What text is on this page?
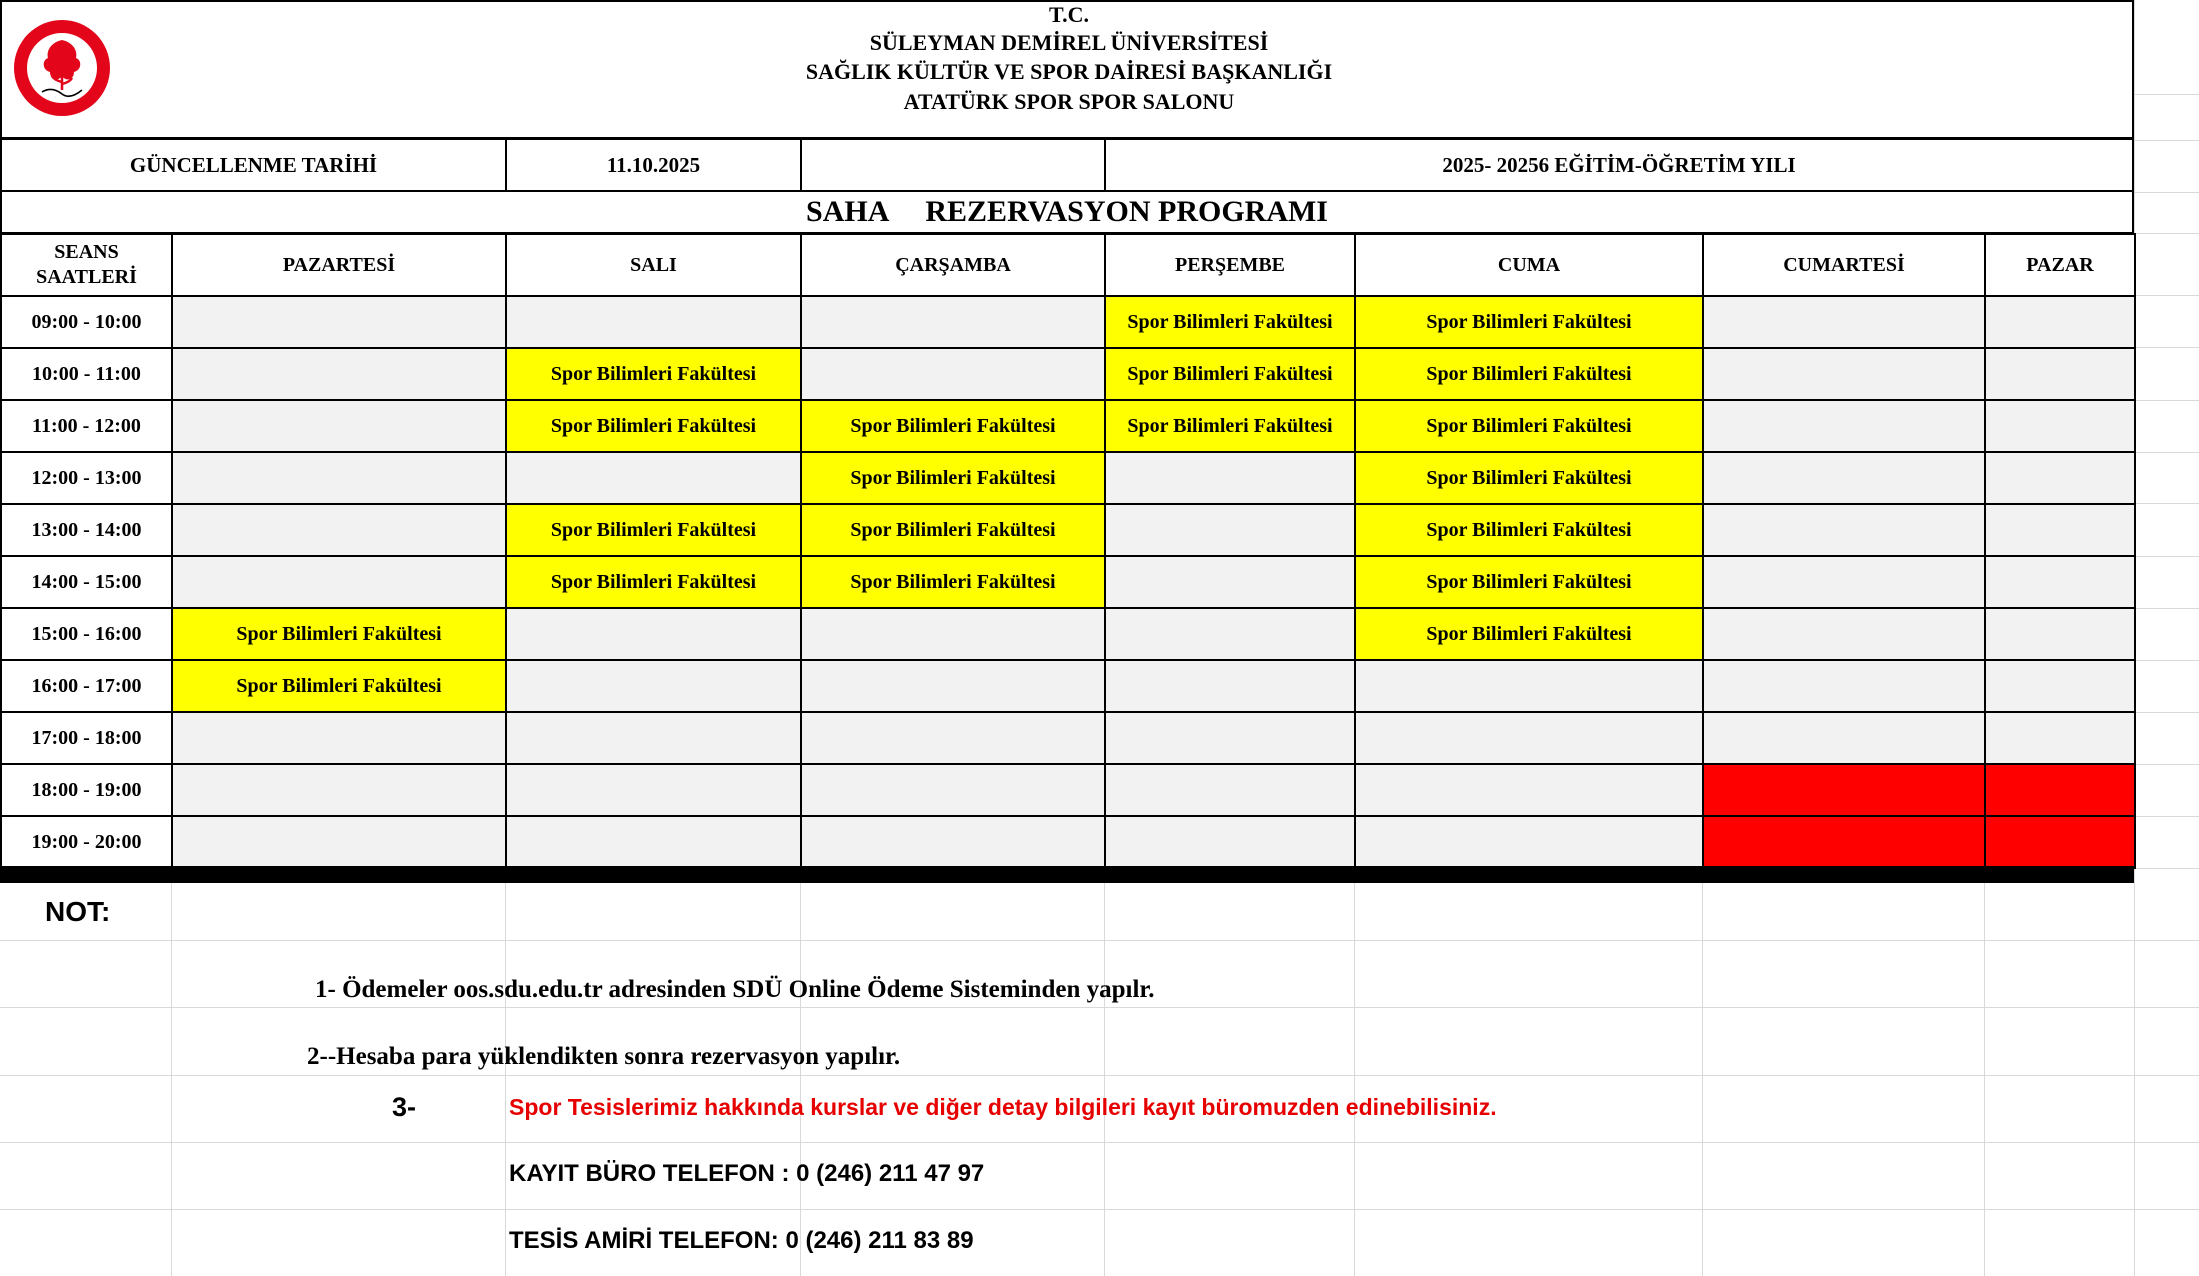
T.C.
SÜLEYMAN DEMİREL ÜNİVERSİTESİ
SAĞLIK KÜLTÜR VE SPOR DAİRESİ BAŞKANLIĞI
ATATÜRK SPOR SPOR SALONU
GÜNCELLENME TARİHİ	11.10.2025	2025- 20256 EĞİTİM-ÖĞRETİM YILI
SAHA REZERVASYON PROGRAMI
SEANS SAATLERİ	PAZARTESİ	SALI	ÇARŞAMBA	PERŞEMBE	CUMA	CUMARTESİ	PAZAR
09:00 - 10:00				Spor Bilimleri Fakültesi	Spor Bilimleri Fakültesi		
10:00 - 11:00		Spor Bilimleri Fakültesi		Spor Bilimleri Fakültesi	Spor Bilimleri Fakültesi		
11:00 - 12:00		Spor Bilimleri Fakültesi	Spor Bilimleri Fakültesi	Spor Bilimleri Fakültesi	Spor Bilimleri Fakültesi		
12:00 - 13:00			Spor Bilimleri Fakültesi		Spor Bilimleri Fakültesi		
13:00 - 14:00		Spor Bilimleri Fakültesi	Spor Bilimleri Fakültesi		Spor Bilimleri Fakültesi		
14:00 - 15:00		Spor Bilimleri Fakültesi	Spor Bilimleri Fakültesi		Spor Bilimleri Fakültesi		
15:00 - 16:00	Spor Bilimleri Fakültesi				Spor Bilimleri Fakültesi		
16:00 - 17:00	Spor Bilimleri Fakültesi						
17:00 - 18:00							
18:00 - 19:00							
19:00 - 20:00							
NOT:
1- Ödemeler oos.sdu.edu.tr adresinden SDÜ Online Ödeme Sisteminden yapılr.
2--Hesaba para yüklendikten sonra rezervasyon yapılır.
3-	Spor Tesislerimiz hakkında kurslar ve diğer detay bilgileri kayıt büromuzden edinebilisiniz.
KAYIT BÜRO TELEFON : 0 (246) 211 47 97
TESİS AMİRİ TELEFON: 0 (246) 211 83 89
